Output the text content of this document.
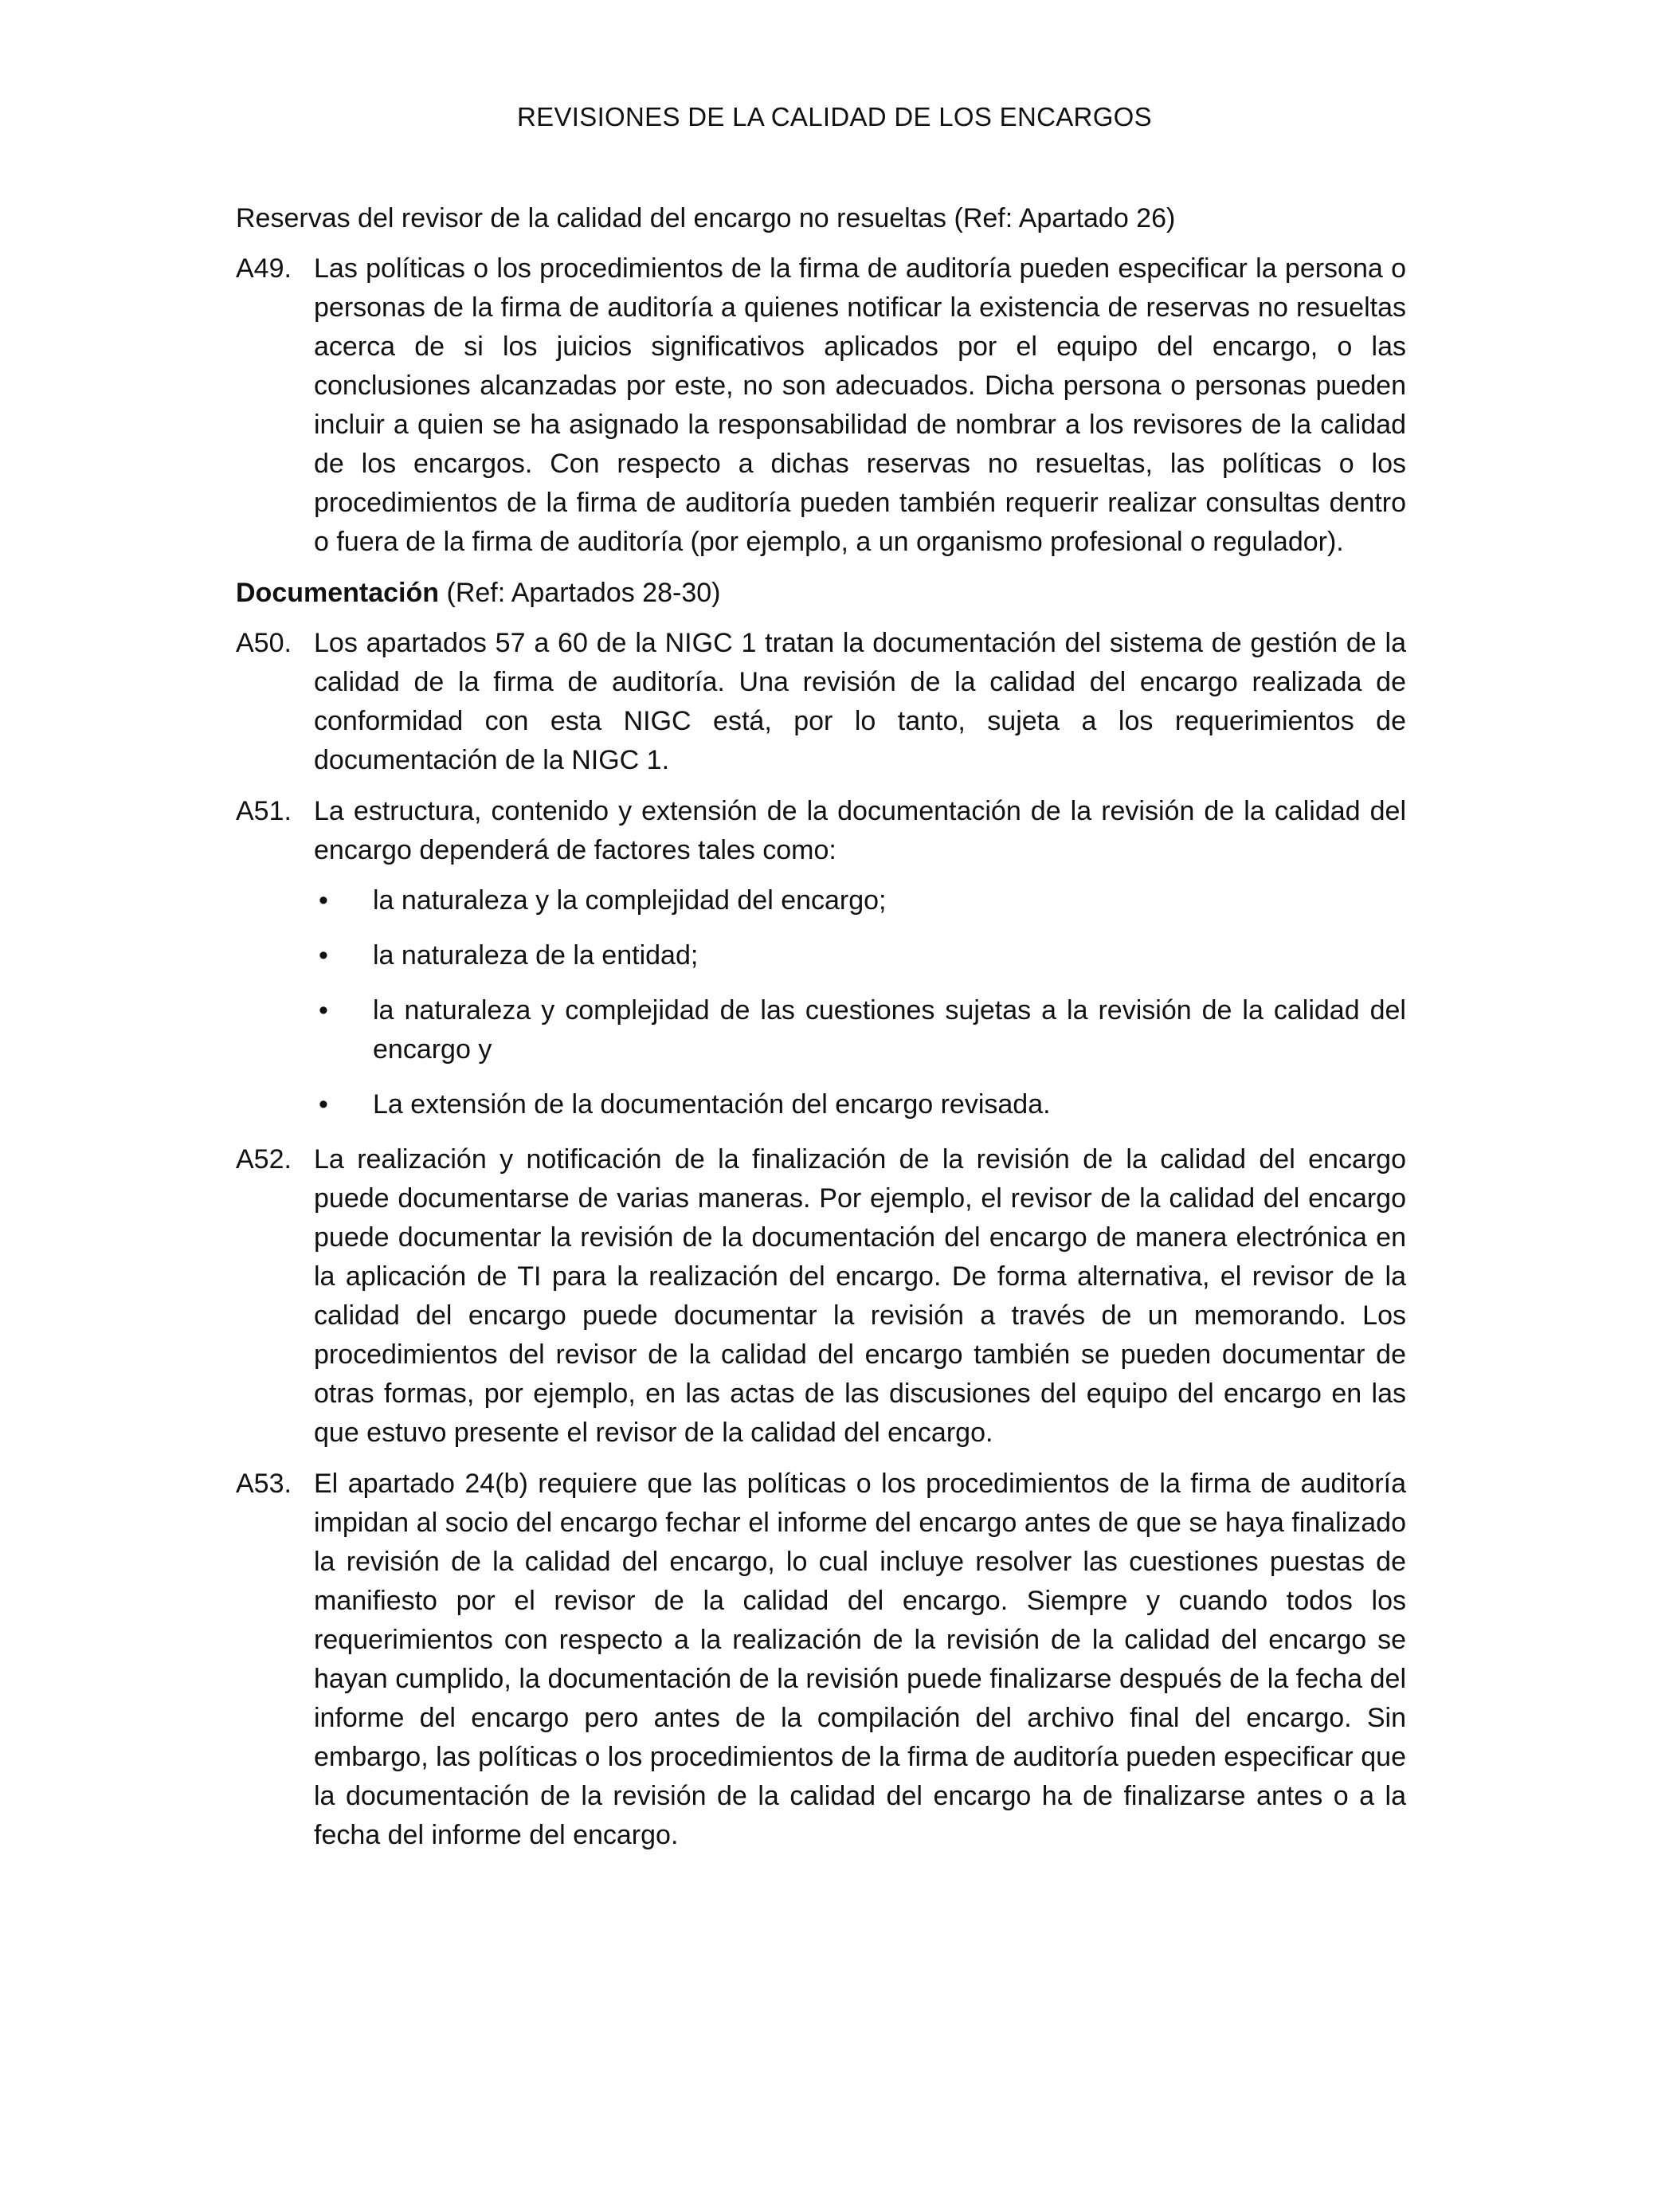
REVISIONES DE LA CALIDAD DE LOS ENCARGOS
Reservas del revisor de la calidad del encargo no resueltas (Ref: Apartado 26)
A49. Las políticas o los procedimientos de la firma de auditoría pueden especificar la persona o personas de la firma de auditoría a quienes notificar la existencia de reservas no resueltas acerca de si los juicios significativos aplicados por el equipo del encargo, o las conclusiones alcanzadas por este, no son adecuados. Dicha persona o personas pueden incluir a quien se ha asignado la responsabilidad de nombrar a los revisores de la calidad de los encargos. Con respecto a dichas reservas no resueltas, las políticas o los procedimientos de la firma de auditoría pueden también requerir realizar consultas dentro o fuera de la firma de auditoría (por ejemplo, a un organismo profesional o regulador).
Documentación (Ref: Apartados 28-30)
A50. Los apartados 57 a 60 de la NIGC 1 tratan la documentación del sistema de gestión de la calidad de la firma de auditoría. Una revisión de la calidad del encargo realizada de conformidad con esta NIGC está, por lo tanto, sujeta a los requerimientos de documentación de la NIGC 1.
A51. La estructura, contenido y extensión de la documentación de la revisión de la calidad del encargo dependerá de factores tales como:
• la naturaleza y la complejidad del encargo;
• la naturaleza de la entidad;
• la naturaleza y complejidad de las cuestiones sujetas a la revisión de la calidad del encargo y
• La extensión de la documentación del encargo revisada.
A52. La realización y notificación de la finalización de la revisión de la calidad del encargo puede documentarse de varias maneras. Por ejemplo, el revisor de la calidad del encargo puede documentar la revisión de la documentación del encargo de manera electrónica en la aplicación de TI para la realización del encargo. De forma alternativa, el revisor de la calidad del encargo puede documentar la revisión a través de un memorando. Los procedimientos del revisor de la calidad del encargo también se pueden documentar de otras formas, por ejemplo, en las actas de las discusiones del equipo del encargo en las que estuvo presente el revisor de la calidad del encargo.
A53. El apartado 24(b) requiere que las políticas o los procedimientos de la firma de auditoría impidan al socio del encargo fechar el informe del encargo antes de que se haya finalizado la revisión de la calidad del encargo, lo cual incluye resolver las cuestiones puestas de manifiesto por el revisor de la calidad del encargo. Siempre y cuando todos los requerimientos con respecto a la realización de la revisión de la calidad del encargo se hayan cumplido, la documentación de la revisión puede finalizarse después de la fecha del informe del encargo pero antes de la compilación del archivo final del encargo. Sin embargo, las políticas o los procedimientos de la firma de auditoría pueden especificar que la documentación de la revisión de la calidad del encargo ha de finalizarse antes o a la fecha del informe del encargo.
